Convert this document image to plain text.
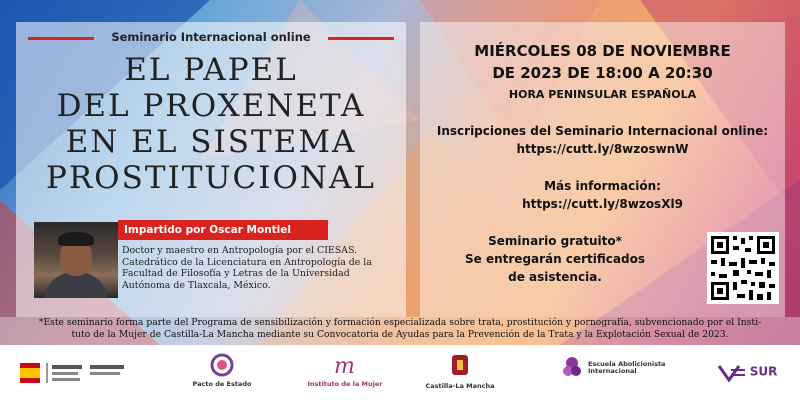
Seminario Internacional online
EL PAPEL
DEL PROXENETA
EN EL SISTEMA
PROSTITUCIONAL
Impartido por Oscar Montiel
Doctor y maestro en Antropología por el CIESAS.
Catedrático de la Licenciatura en Antropología de la
Facultad de Filosofía y Letras de la Universidad
Autónoma de Tlaxcala, México.
MIÉRCOLES 08 DE NOVIEMBRE
DE 2023 DE 18:00 A 20:30
HORA PENINSULAR ESPAÑOLA
Inscripciones del Seminario Internacional online:
https://cutt.ly/8wzoswnW
Más información:
https://cutt.ly/8wzosXl9
Seminario gratuito*
Se entregarán certificados
de asistencia.
*Este seminario forma parte del Programa de sensibilización y formación especializada sobre trata, prostitución y pornografía, subvencionado por el Insti-
tuto de la Mujer de Castilla-La Mancha mediante su Convocatoria de Ayudas para la Prevención de la Trata y la Explotación Sexual de 2023.
Pacto de Estado
m
Instituto de la Mujer	Castilla-La Mancha
Escuela Abolicionista
Internacional	SUR
